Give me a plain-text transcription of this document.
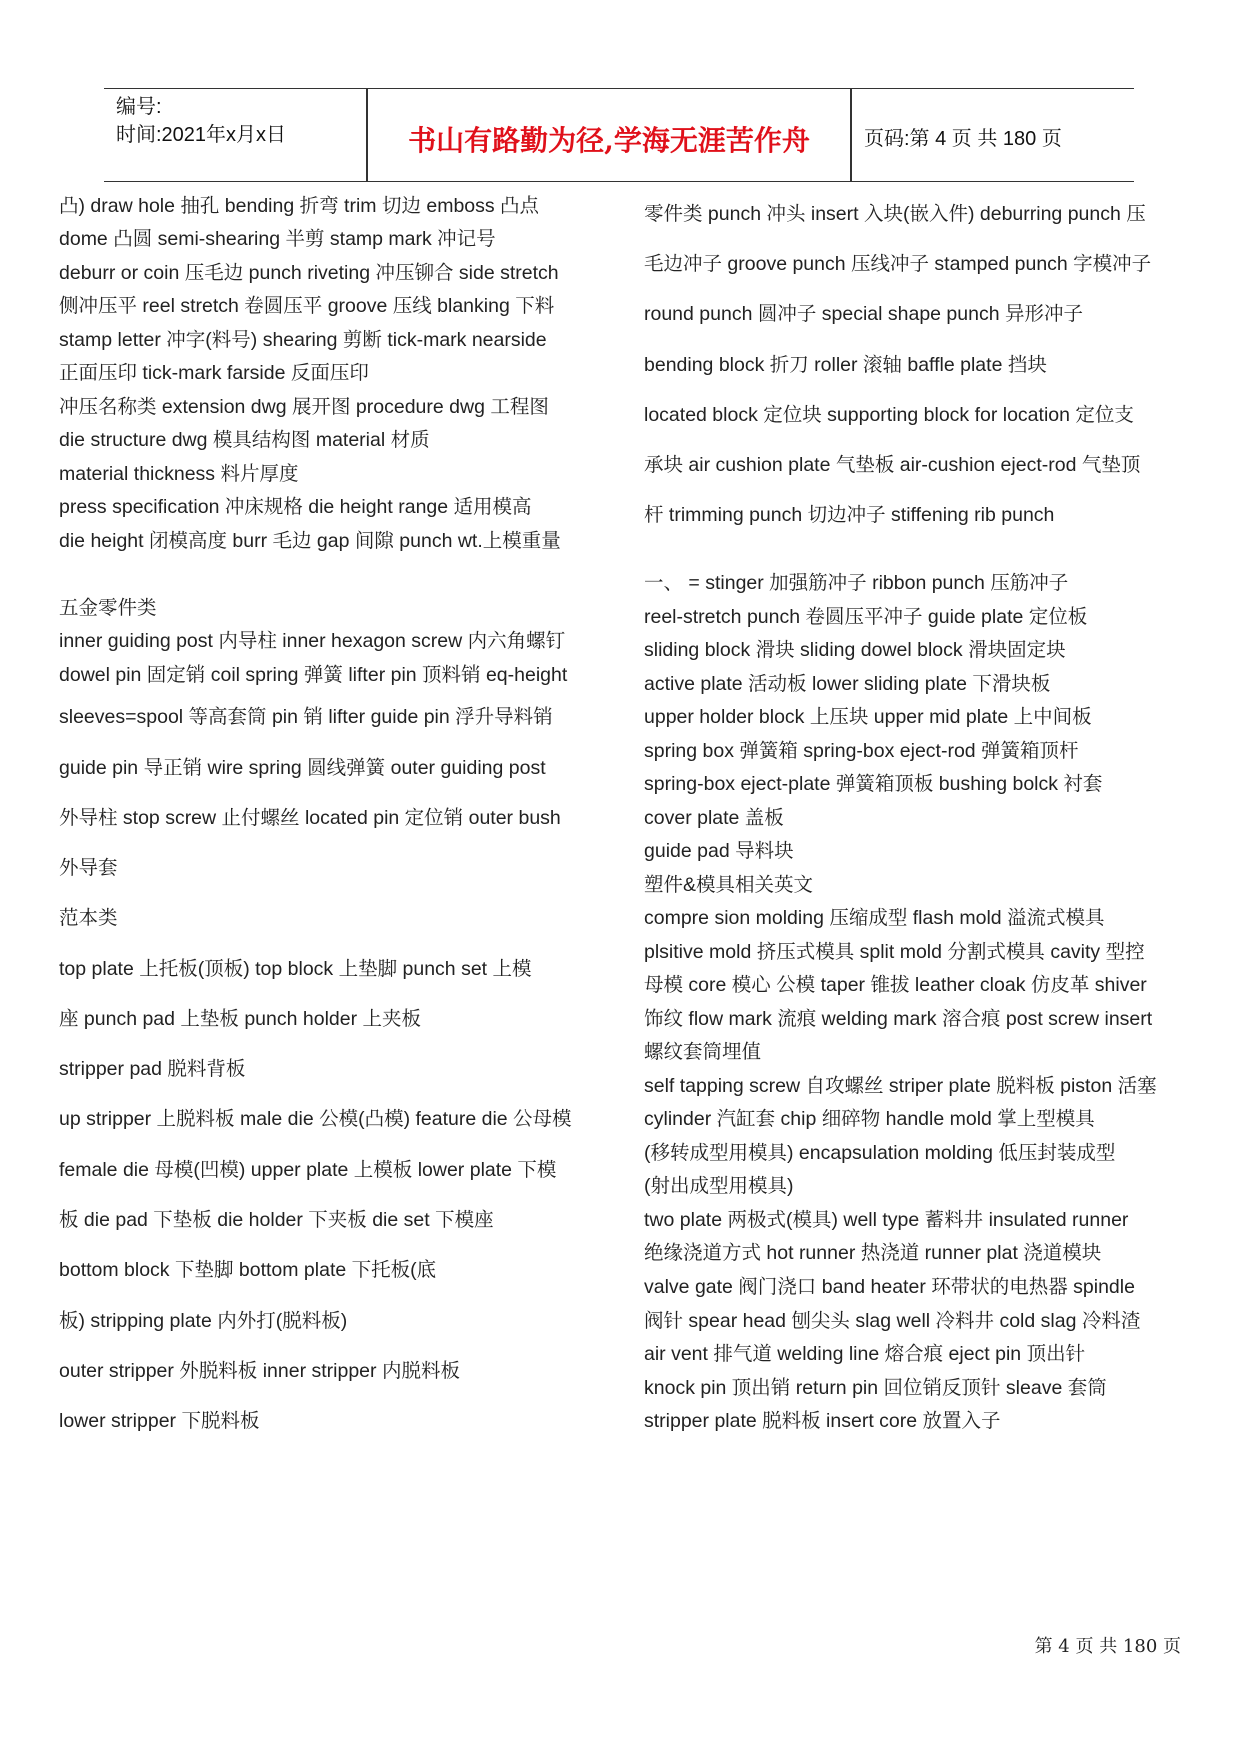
编号:
时间:2021年x月x日	书山有路勤为径,学海无涯苦作舟	页码:第 4 页 共 180 页
凸) draw hole 抽孔 bending 折弯 trim 切边 emboss 凸点
dome 凸圆 semi-shearing 半剪 stamp mark 冲记号
deburr or coin 压毛边 punch riveting 冲压铆合 side stretch
侧冲压平 reel stretch 卷圆压平 groove 压线 blanking 下料
stamp letter 冲字(料号) shearing 剪断 tick-mark nearside
正面压印 tick-mark farside 反面压印
冲压名称类 extension dwg 展开图 procedure dwg 工程图
die structure dwg 模具结构图 material 材质
material thickness 料片厚度
press specification 冲床规格 die height range 适用模高
die height 闭模高度 burr 毛边 gap 间隙 punch wt.上模重量
五金零件类
inner guiding post 内导柱 inner hexagon screw 内六角螺钉
dowel pin 固定销 coil spring 弹簧 lifter pin 顶料销 eq-height
sleeves=spool 等高套筒 pin 销 lifter guide pin 浮升导料销
guide pin 导正销 wire spring 圆线弹簧 outer guiding post
外导柱 stop screw 止付螺丝 located pin 定位销 outer bush
外导套
范本类
top plate 上托板(顶板) top block 上垫脚 punch set 上模
座 punch pad 上垫板 punch holder 上夹板
stripper pad 脱料背板
up stripper 上脱料板 male die 公模(凸模) feature die 公母模
female die 母模(凹模) upper plate 上模板 lower plate 下模
板 die pad 下垫板 die holder 下夹板 die set 下模座
bottom block 下垫脚 bottom plate 下托板(底
板) stripping plate 内外打(脱料板)
outer stripper 外脱料板 inner stripper 内脱料板
lower stripper 下脱料板
零件类 punch 冲头 insert 入块(嵌入件) deburring punch 压
毛边冲子 groove punch 压线冲子 stamped punch 字模冲子
round punch 圆冲子 special shape punch 异形冲子
bending block 折刀 roller 滚轴 baffle plate 挡块
located block 定位块 supporting block for location 定位支
承块 air cushion plate 气垫板 air-cushion eject-rod 气垫顶
杆 trimming punch 切边冲子 stiffening rib punch
一、 = stinger 加强筋冲子 ribbon punch 压筋冲子
reel-stretch punch 卷圆压平冲子 guide plate 定位板
sliding block 滑块 sliding dowel block 滑块固定块
active plate 活动板 lower sliding plate 下滑块板
upper holder block 上压块 upper mid plate 上中间板
spring box 弹簧箱 spring-box eject-rod 弹簧箱顶杆
spring-box eject-plate 弹簧箱顶板 bushing bolck 衬套
cover plate 盖板
guide pad 导料块
塑件&模具相关英文
compre sion molding 压缩成型 flash mold 溢流式模具
plsitive mold 挤压式模具 split mold 分割式模具 cavity 型控
母模 core 模心 公模 taper 锥拔 leather cloak 仿皮革 shiver
饰纹 flow mark 流痕 welding mark 溶合痕 post screw insert
螺纹套筒埋值
self tapping screw 自攻螺丝 striper plate 脱料板 piston 活塞
cylinder 汽缸套 chip 细碎物 handle mold 掌上型模具
(移转成型用模具) encapsulation molding 低压封装成型
(射出成型用模具)
two plate 两极式(模具) well type 蓄料井 insulated runner
绝缘浇道方式 hot runner 热浇道 runner plat 浇道模块
valve gate 阀门浇口 band heater 环带状的电热器 spindle
阀针 spear head 刨尖头 slag well 冷料井 cold slag 冷料渣
air vent 排气道 welding line 熔合痕 eject pin 顶出针
knock pin 顶出销 return pin 回位销反顶针 sleave 套筒
stripper plate 脱料板 insert core 放置入子
第 4 页 共 180 页
